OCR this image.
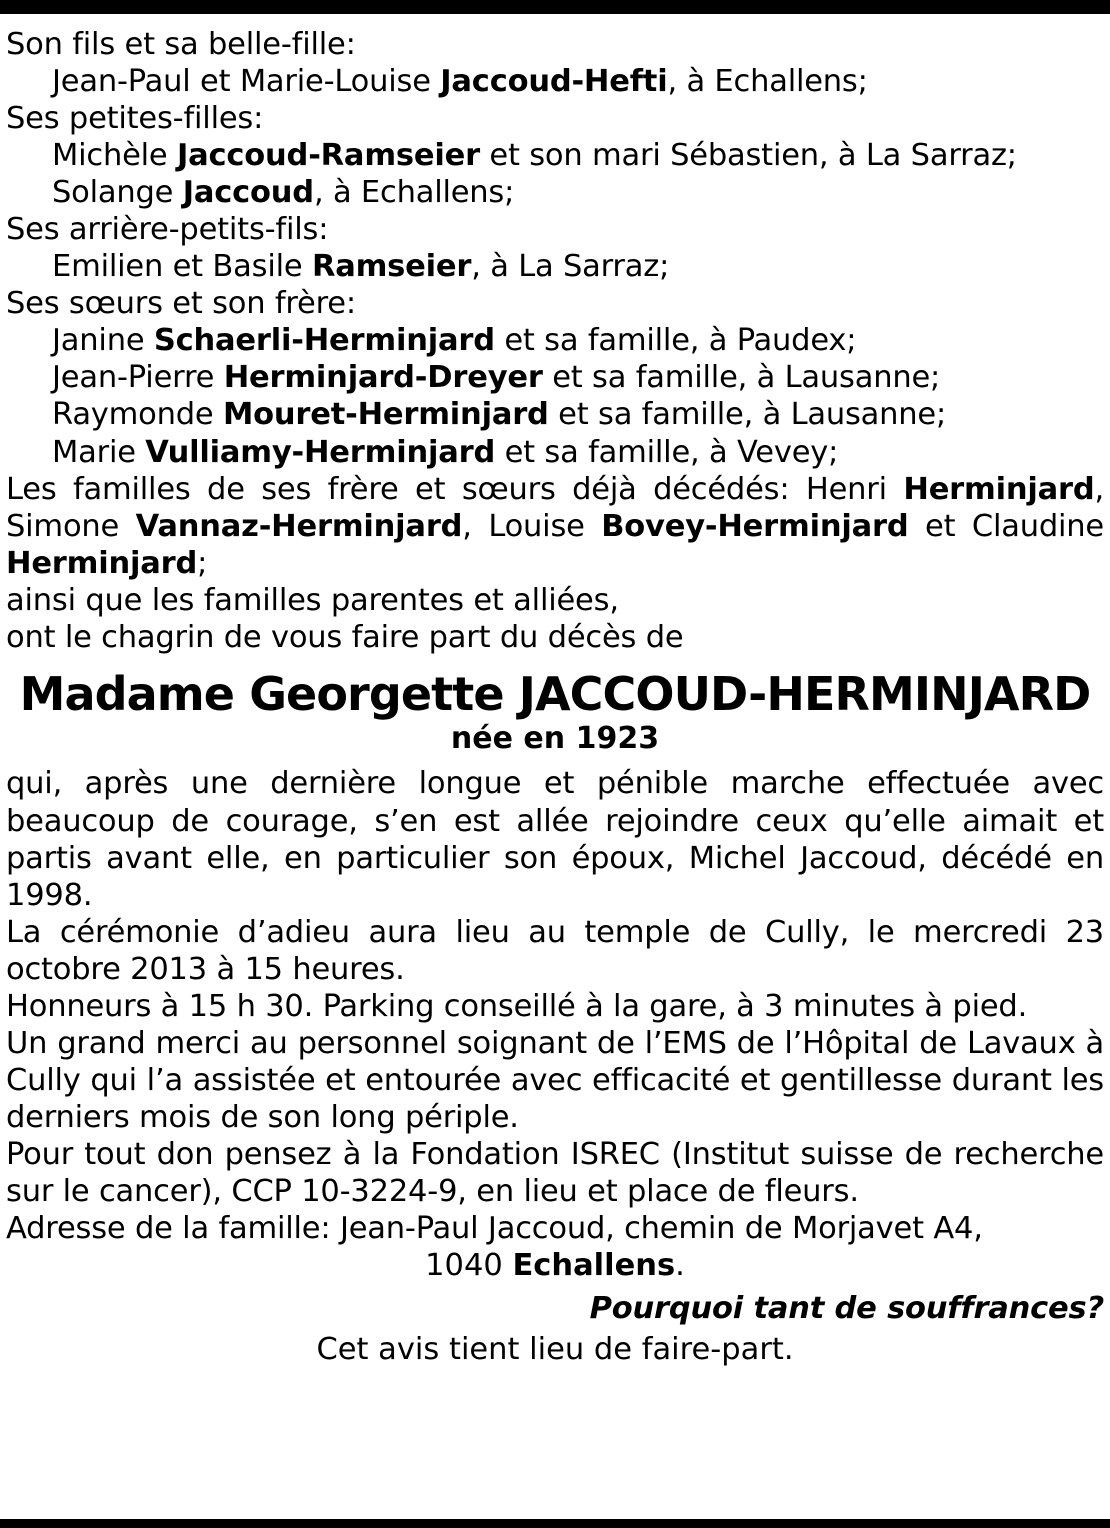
Son fils et sa belle-fille:
Jean-Paul et Marie-Louise Jaccoud-Hefti, à Echallens;
Ses petites-filles:
Michèle Jaccoud-Ramseier et son mari Sébastien, à La Sarraz;
Solange Jaccoud, à Echallens;
Ses arrière-petits-fils:
Emilien et Basile Ramseier, à La Sarraz;
Ses sœurs et son frère:
Janine Schaerli-Herminjard et sa famille, à Paudex;
Jean-Pierre Herminjard-Dreyer et sa famille, à Lausanne;
Raymonde Mouret-Herminjard et sa famille, à Lausanne;
Marie Vulliamy-Herminjard et sa famille, à Vevey;
Les familles de ses frère et sœurs déjà décédés: Henri Herminjard, Simone Vannaz-Herminjard, Louise Bovey-Herminjard et Claudine Herminjard;
ainsi que les familles parentes et alliées,
ont le chagrin de vous faire part du décès de
Madame Georgette JACCOUD-HERMINJARD
née en 1923
qui, après une dernière longue et pénible marche effectuée avec beaucoup de courage, s’en est allée rejoindre ceux qu’elle aimait et partis avant elle, en particulier son époux, Michel Jaccoud, décédé en 1998.
La cérémonie d’adieu aura lieu au temple de Cully, le mercredi 23 octobre 2013 à 15 heures.
Honneurs à 15 h 30. Parking conseillé à la gare, à 3 minutes à pied.
Un grand merci au personnel soignant de l’EMS de l’Hôpital de Lavaux à Cully qui l’a assistée et entourée avec efficacité et gentillesse durant les derniers mois de son long périple.
Pour tout don pensez à la Fondation ISREC (Institut suisse de recherche sur le cancer), CCP 10-3224-9, en lieu et place de fleurs.
Adresse de la famille: Jean-Paul Jaccoud, chemin de Morjavet A4,
1040 Echallens.
Pourquoi tant de souffrances?
Cet avis tient lieu de faire-part.
